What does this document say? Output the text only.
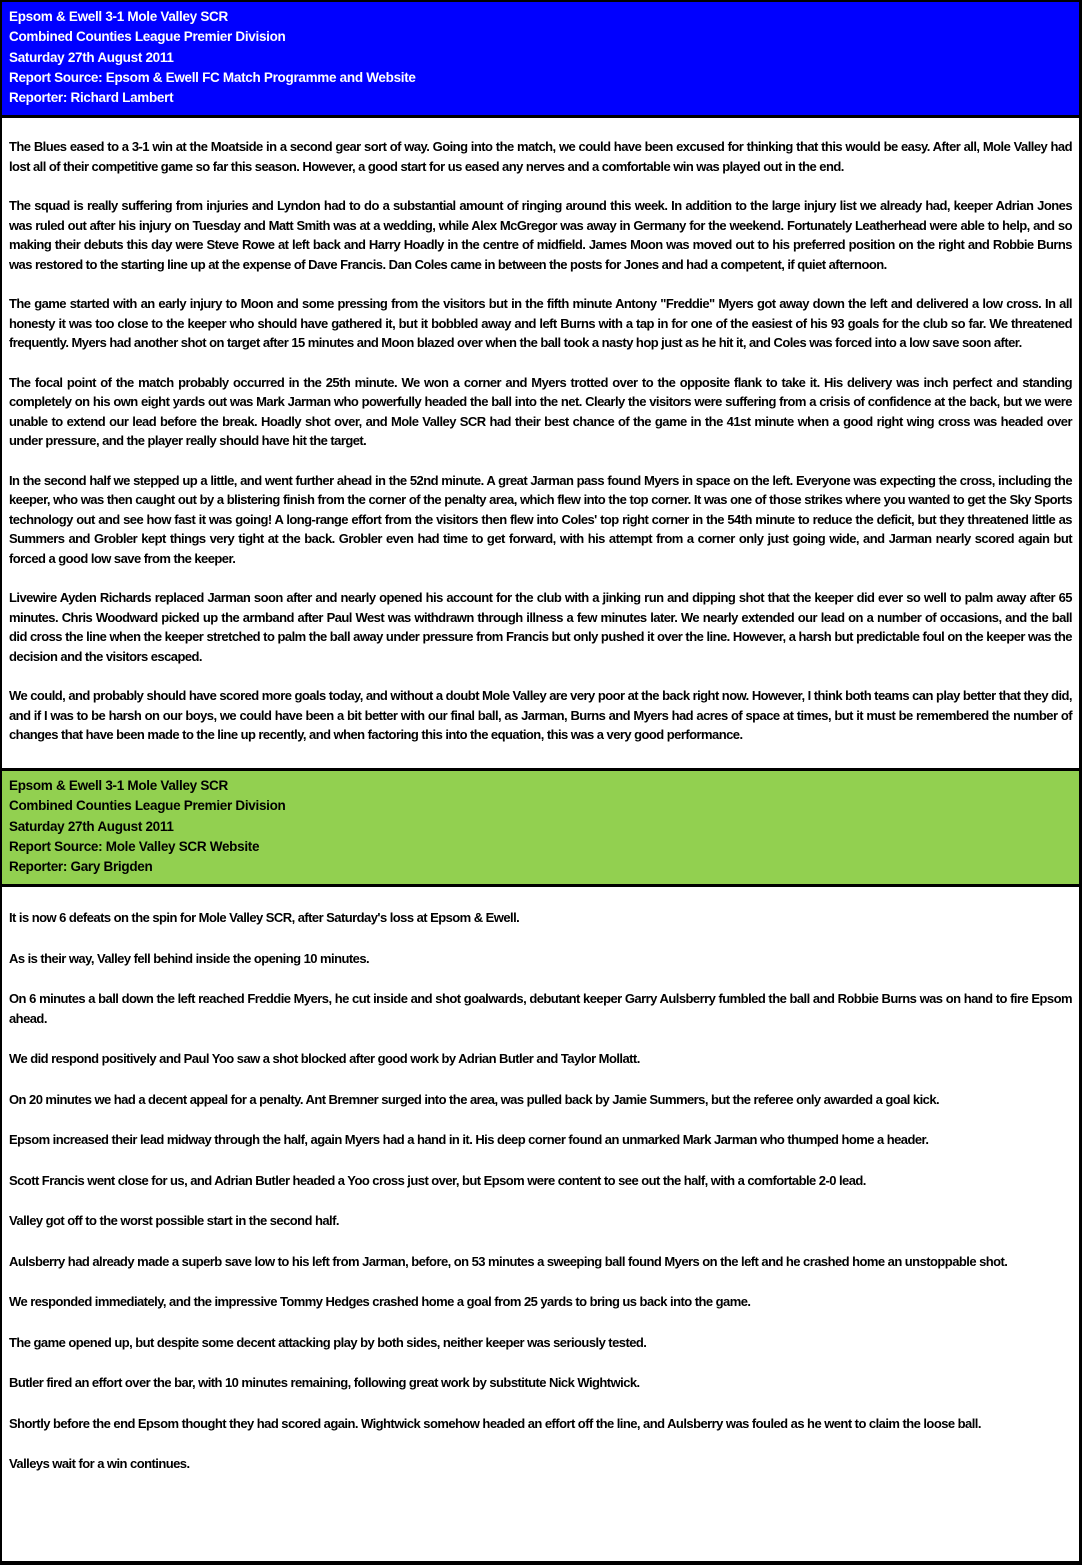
Epsom & Ewell 3-1 Mole Valley SCR
Combined Counties League Premier Division
Saturday 27th August 2011
Report Source: Epsom & Ewell FC Match Programme and Website
Reporter: Richard Lambert

The Blues eased to a 3-1 win at the Moatside in a second gear sort of way. Going into the match, we could have been excused for thinking that this would be easy. After all, Mole Valley had lost all of their competitive game so far this season. However, a good start for us eased any nerves and a comfortable win was played out in the end.

The squad is really suffering from injuries and Lyndon had to do a substantial amount of ringing around this week. In addition to the large injury list we already had, keeper Adrian Jones was ruled out after his injury on Tuesday and Matt Smith was at a wedding, while Alex McGregor was away in Germany for the weekend. Fortunately Leatherhead were able to help, and so making their debuts this day were Steve Rowe at left back and Harry Hoadly in the centre of midfield. James Moon was moved out to his preferred position on the right and Robbie Burns was restored to the starting line up at the expense of Dave Francis. Dan Coles came in between the posts for Jones and had a competent, if quiet afternoon.

The game started with an early injury to Moon and some pressing from the visitors but in the fifth minute Antony "Freddie" Myers got away down the left and delivered a low cross. In all honesty it was too close to the keeper who should have gathered it, but it bobbled away and left Burns with a tap in for one of the easiest of his 93 goals for the club so far. We threatened frequently. Myers had another shot on target after 15 minutes and Moon blazed over when the ball took a nasty hop just as he hit it, and Coles was forced into a low save soon after.

The focal point of the match probably occurred in the 25th minute. We won a corner and Myers trotted over to the opposite flank to take it. His delivery was inch perfect and standing completely on his own eight yards out was Mark Jarman who powerfully headed the ball into the net. Clearly the visitors were suffering from a crisis of confidence at the back, but we were unable to extend our lead before the break. Hoadly shot over, and Mole Valley SCR had their best chance of the game in the 41st minute when a good right wing cross was headed over under pressure, and the player really should have hit the target.

In the second half we stepped up a little, and went further ahead in the 52nd minute. A great Jarman pass found Myers in space on the left. Everyone was expecting the cross, including the keeper, who was then caught out by a blistering finish from the corner of the penalty area, which flew into the top corner. It was one of those strikes where you wanted to get the Sky Sports technology out and see how fast it was going! A long-range effort from the visitors then flew into Coles' top right corner in the 54th minute to reduce the deficit, but they threatened little as Summers and Grobler kept things very tight at the back. Grobler even had time to get forward, with his attempt from a corner only just going wide, and Jarman nearly scored again but forced a good low save from the keeper.

Livewire Ayden Richards replaced Jarman soon after and nearly opened his account for the club with a jinking run and dipping shot that the keeper did ever so well to palm away after 65 minutes. Chris Woodward picked up the armband after Paul West was withdrawn through illness a few minutes later. We nearly extended our lead on a number of occasions, and the ball did cross the line when the keeper stretched to palm the ball away under pressure from Francis but only pushed it over the line. However, a harsh but predictable foul on the keeper was the decision and the visitors escaped.

We could, and probably should have scored more goals today, and without a doubt Mole Valley are very poor at the back right now. However, I think both teams can play better that they did, and if I was to be harsh on our boys, we could have been a bit better with our final ball, as Jarman, Burns and Myers had acres of space at times, but it must be remembered the number of changes that have been made to the line up recently, and when factoring this into the equation, this was a very good performance.

Epsom & Ewell 3-1 Mole Valley SCR
Combined Counties League Premier Division
Saturday 27th August 2011
Report Source: Mole Valley SCR Website
Reporter: Gary Brigden

It is now 6 defeats on the spin for Mole Valley SCR, after Saturday's loss at Epsom & Ewell.

As is their way, Valley fell behind inside the opening 10 minutes.

On 6 minutes a ball down the left reached Freddie Myers, he cut inside and shot goalwards, debutant keeper Garry Aulsberry fumbled the ball and Robbie Burns was on hand to fire Epsom ahead.

We did respond positively and Paul Yoo saw a shot blocked after good work by Adrian Butler and Taylor Mollatt.

On 20 minutes we had a decent appeal for a penalty. Ant Bremner surged into the area, was pulled back by Jamie Summers, but the referee only awarded a goal kick.

Epsom increased their lead midway through the half, again Myers had a hand in it. His deep corner found an unmarked Mark Jarman who thumped home a header.

Scott Francis went close for us, and Adrian Butler headed a Yoo cross just over, but Epsom were content to see out the half, with a comfortable 2-0 lead.

Valley got off to the worst possible start in the second half.

Aulsberry had already made a superb save low to his left from Jarman, before, on 53 minutes a sweeping ball found Myers on the left and he crashed home an unstoppable shot.

We responded immediately, and the impressive Tommy Hedges crashed home a goal from 25 yards to bring us back into the game.

The game opened up, but despite some decent attacking play by both sides, neither keeper was seriously tested.

Butler fired an effort over the bar, with 10 minutes remaining, following great work by substitute Nick Wightwick.

Shortly before the end Epsom thought they had scored again. Wightwick somehow headed an effort off the line, and Aulsberry was fouled as he went to claim the loose ball.

Valleys wait for a win continues.
